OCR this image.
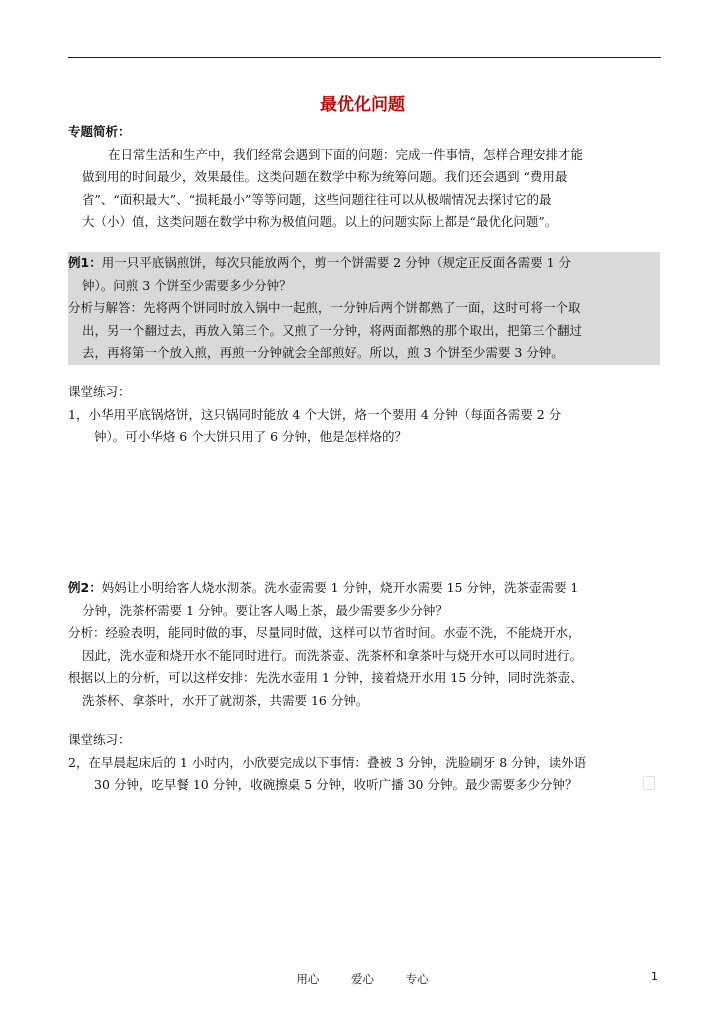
最优化问题
专题简析：
在日常生活和生产中，我们经常会遇到下面的问题：完成一件事情，怎样合理安排才能
做到用的时间最少，效果最佳。这类问题在数学中称为统筹问题。我们还会遇到 “费用最
省”、“面积最大”、“损耗最小”等等问题，这些问题往往可以从极端情况去探讨它的最
大（小）值，这类问题在数学中称为极值问题。以上的问题实际上都是“最优化问题”。
例1：用一只平底锅煎饼，每次只能放两个，剪一个饼需要 2 分钟（规定正反面各需要 1 分
钟）。问煎 3 个饼至少需要多少分钟？
分析与解答：先将两个饼同时放入锅中一起煎，一分钟后两个饼都熟了一面，这时可将一个取
出，另一个翻过去，再放入第三个。又煎了一分钟，将两面都熟的那个取出，把第三个翻过
去，再将第一个放入煎，再煎一分钟就会全部煎好。所以，煎 3 个饼至少需要 3 分钟。
课堂练习：
1，小华用平底锅烙饼，这只锅同时能放 4 个大饼，烙一个要用 4 分钟（每面各需要 2 分
钟）。可小华烙 6 个大饼只用了 6 分钟，他是怎样烙的？
例2：妈妈让小明给客人烧水沏茶。洗水壶需要 1 分钟，烧开水需要 15 分钟，洗茶壶需要 1
分钟，洗茶杯需要 1 分钟。要让客人喝上茶，最少需要多少分钟？
分析：经验表明，能同时做的事，尽量同时做，这样可以节省时间。水壶不洗，不能烧开水，
因此，洗水壶和烧开水不能同时进行。而洗茶壶、洗茶杯和拿茶叶与烧开水可以同时进行。
根据以上的分析，可以这样安排：先洗水壶用 1 分钟，接着烧开水用 15 分钟，同时洗茶壶、
洗茶杯、拿茶叶，水开了就沏茶，共需要 16 分钟。
课堂练习：
2，在早晨起床后的 1 小时内，小欣要完成以下事情：叠被 3 分钟，洗脸刷牙 8 分钟，读外语
30 分钟，吃早餐 10 分钟，收碗擦桌 5 分钟，收听广播 30 分钟。最少需要多少分钟？
用心	爱心	专心	1
